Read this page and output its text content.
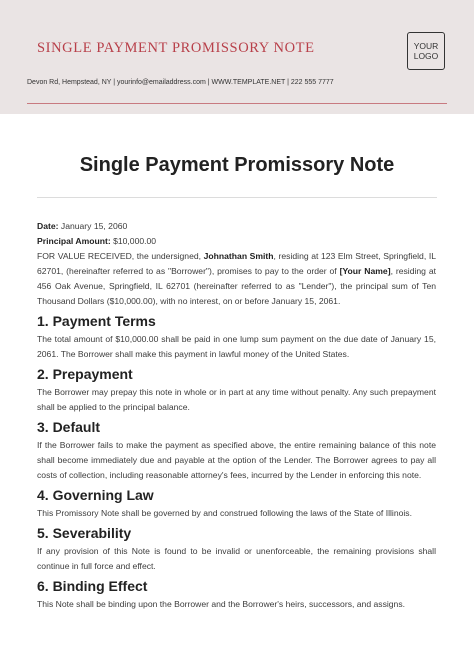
SINGLE PAYMENT PROMISSORY NOTE
Devon Rd, Hempstead, NY | yourinfo@emailaddress.com | WWW.TEMPLATE.NET | 222 555 7777
YOUR
LOGO
Single Payment Promissory Note

Date: January 15, 2060

Principal Amount: $10,000.00

FOR VALUE RECEIVED, the undersigned, Johnathan Smith, residing at 123 Elm Street, Springfield, IL 62701, (hereinafter referred to as "Borrower"), promises to pay to the order of [Your Name], residing at 456 Oak Avenue, Springfield, IL 62701 (hereinafter referred to as "Lender"), the principal sum of Ten Thousand Dollars ($10,000.00), with no interest, on or before January 15, 2061.

1. Payment Terms

The total amount of $10,000.00 shall be paid in one lump sum payment on the due date of January 15, 2061. The Borrower shall make this payment in lawful money of the United States.

2. Prepayment

The Borrower may prepay this note in whole or in part at any time without penalty. Any such prepayment shall be applied to the principal balance.

3. Default

If the Borrower fails to make the payment as specified above, the entire remaining balance of this note shall become immediately due and payable at the option of the Lender. The Borrower agrees to pay all costs of collection, including reasonable attorney's fees, incurred by the Lender in enforcing this note.

4. Governing Law

This Promissory Note shall be governed by and construed following the laws of the State of Illinois.

5. Severability

If any provision of this Note is found to be invalid or unenforceable, the remaining provisions shall continue in full force and effect.

6. Binding Effect

This Note shall be binding upon the Borrower and the Borrower's heirs, successors, and assigns.
